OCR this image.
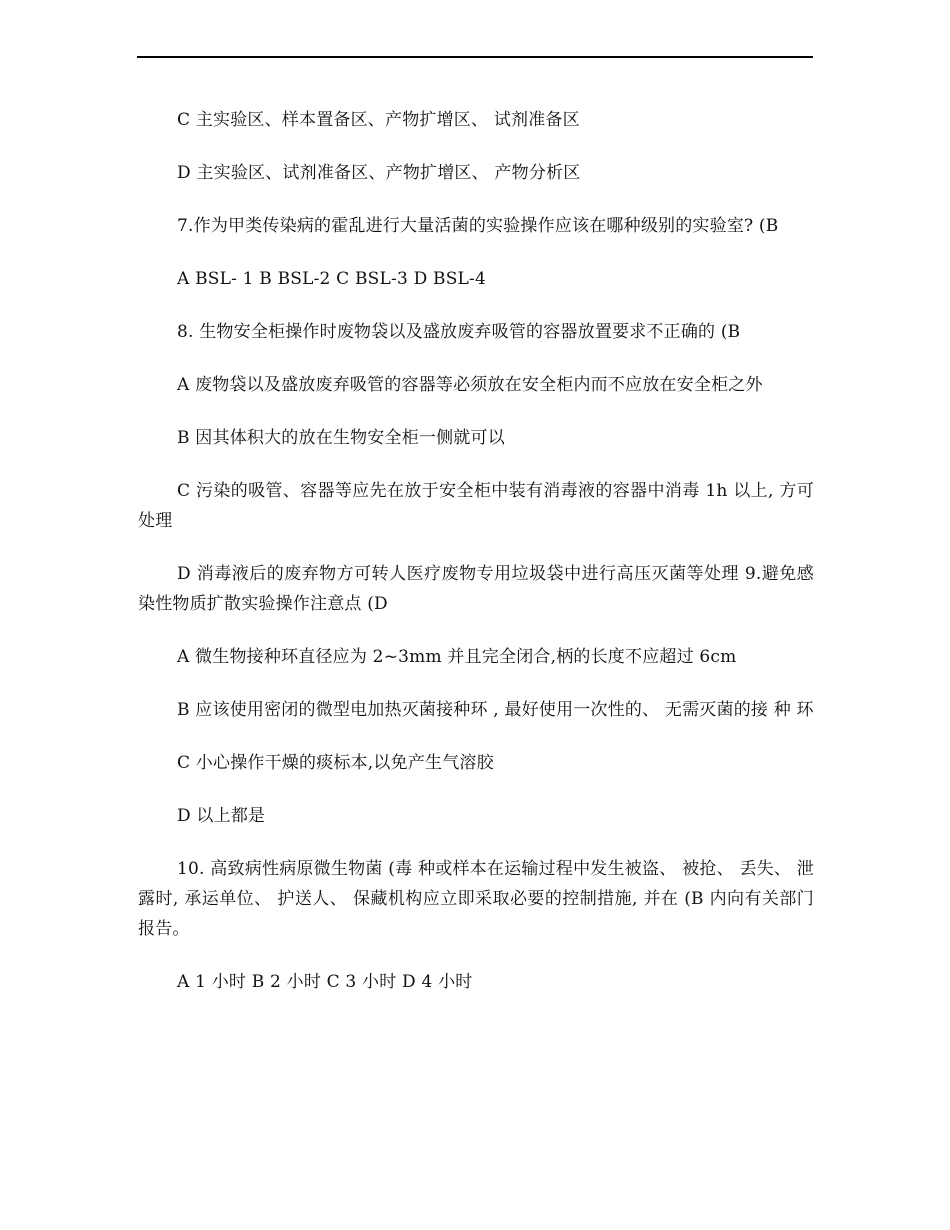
C 主实验区、样本置备区、产物扩增区、 试剂准备区

D 主实验区、试剂准备区、产物扩增区、 产物分析区

7.作为甲类传染病的霍乱进行大量活菌的实验操作应该在哪种级别的实验室? (B

A BSL- 1 B BSL-2 C BSL-3 D BSL-4

8. 生物安全柜操作时废物袋以及盛放废弃吸管的容器放置要求不正确的 (B

A 废物袋以及盛放废弃吸管的容器等必须放在安全柜内而不应放在安全柜之外

B 因其体积大的放在生物安全柜一侧就可以

C 污染的吸管、容器等应先在放于安全柜中装有消毒液的容器中消毒 1h 以上, 方可处理

D 消毒液后的废弃物方可转人医疗废物专用垃圾袋中进行高压灭菌等处理 9.避免感染性物质扩散实验操作注意点 (D

A 微生物接种环直径应为 2~3mm 并且完全闭合,柄的长度不应超过 6cm

B 应该使用密闭的微型电加热灭菌接种环 , 最好使用一次性的、 无需灭菌的接 种 环

C 小心操作干燥的痰标本,以免产生气溶胶

D 以上都是

10. 高致病性病原微生物菌 (毒 种或样本在运输过程中发生被盗、 被抢、 丢失、 泄露时, 承运单位、 护送人、 保藏机构应立即采取必要的控制措施, 并在 (B 内向有关部门报告。

A 1 小时 B 2 小时 C 3 小时 D 4 小时
